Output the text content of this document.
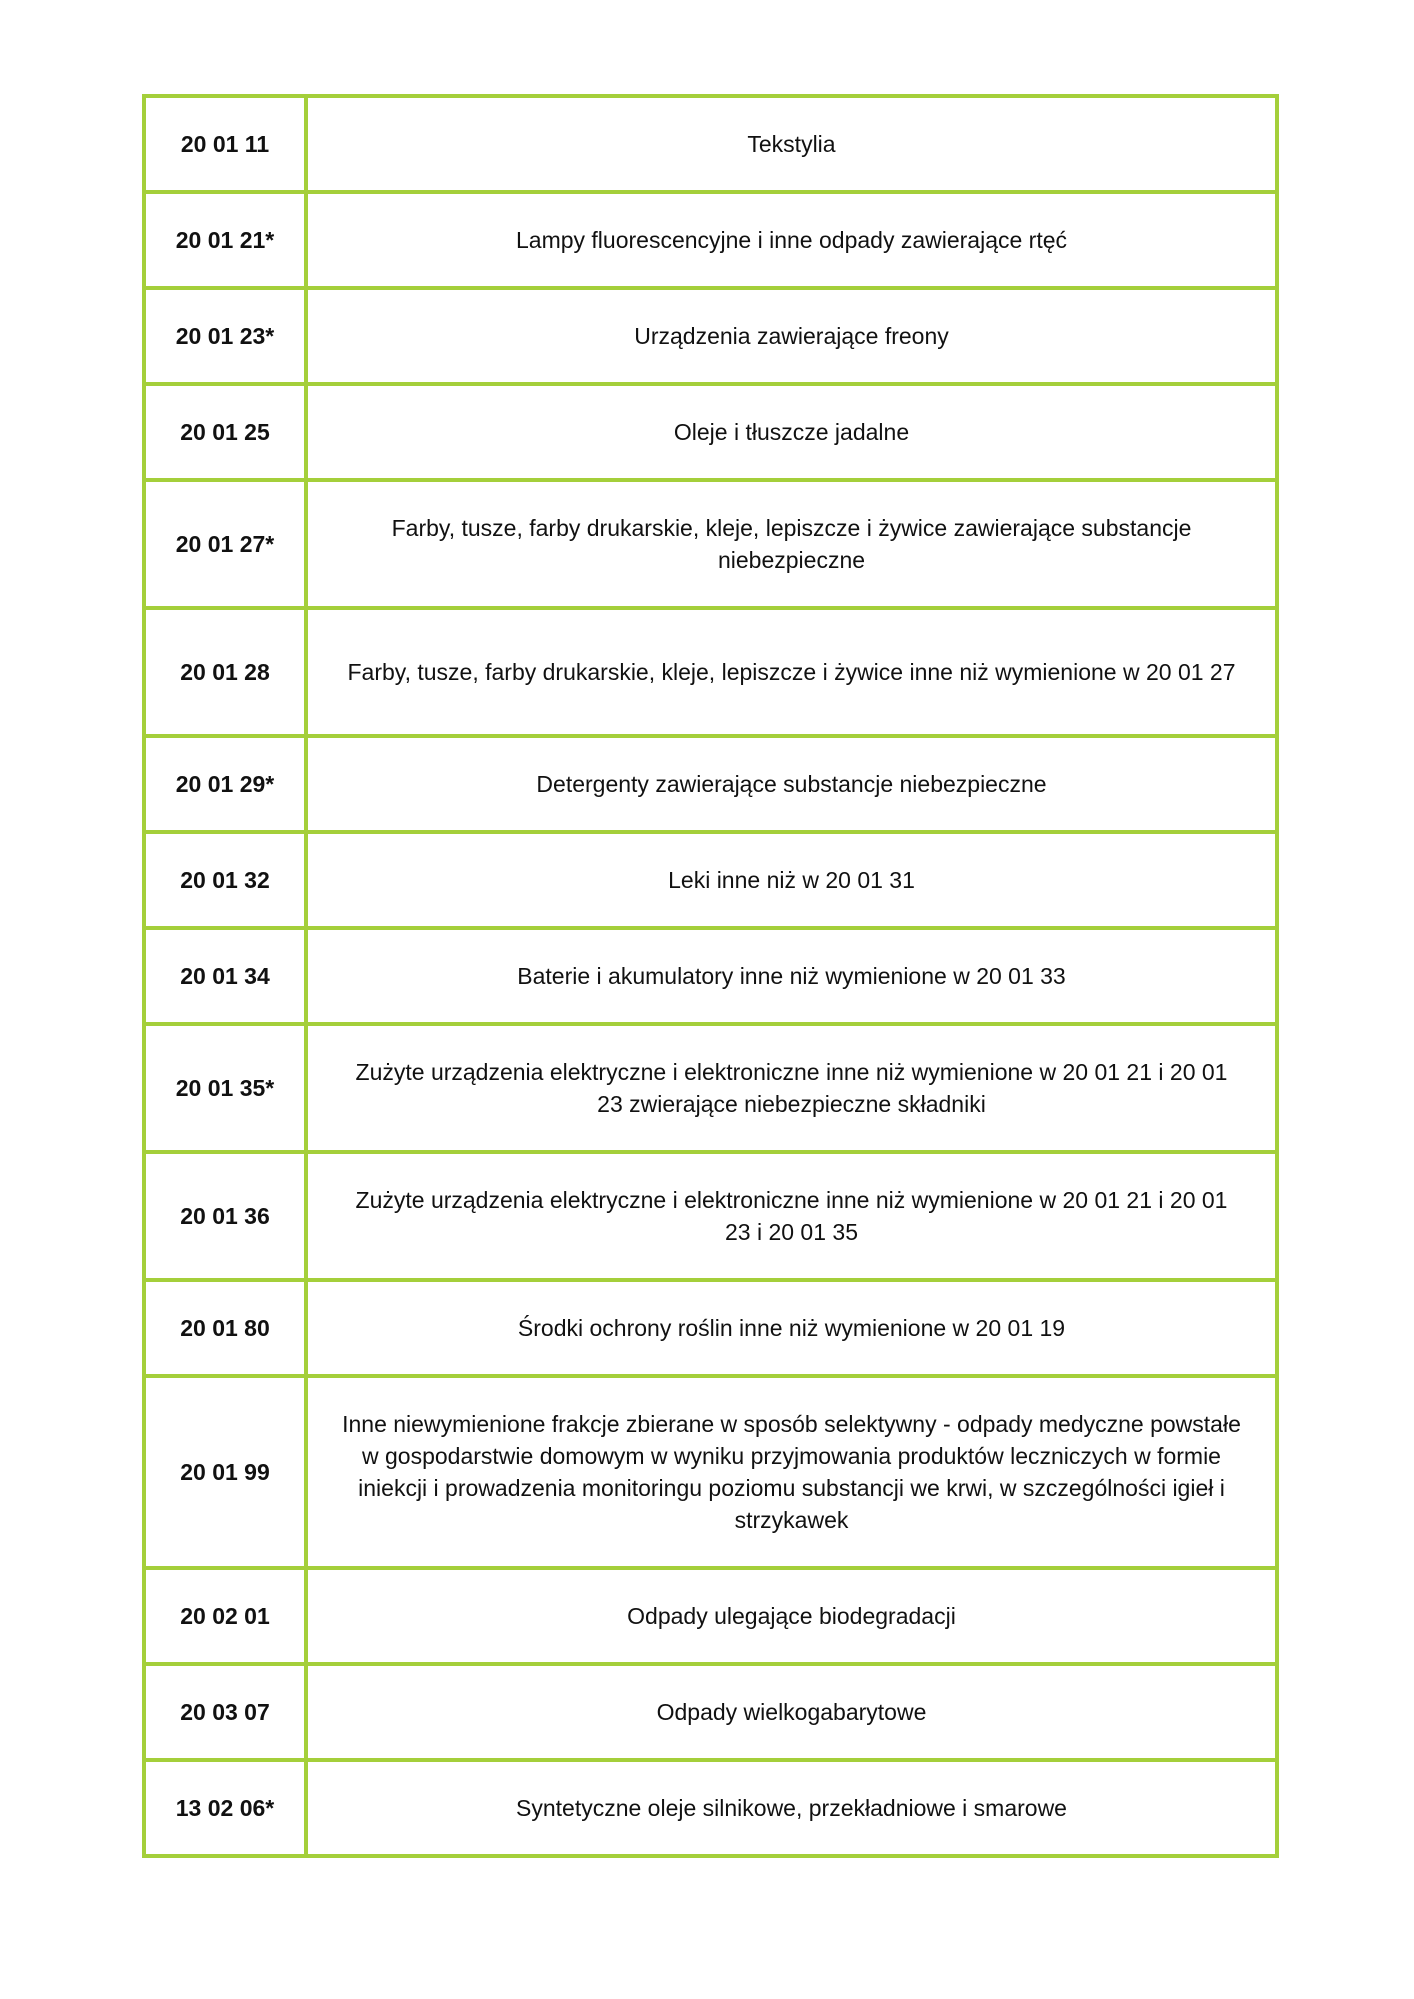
20 01 11	Tekstylia
20 01 21*	Lampy fluorescencyjne i inne odpady zawierające rtęć
20 01 23*	Urządzenia zawierające freony
20 01 25	Oleje i tłuszcze jadalne
20 01 27*	Farby, tusze, farby drukarskie, kleje, lepiszcze i żywice zawierające substancje niebezpieczne
20 01 28	Farby, tusze, farby drukarskie, kleje, lepiszcze i żywice inne niż wymienione w 20 01 27
20 01 29*	Detergenty zawierające substancje niebezpieczne
20 01 32	Leki inne niż w 20 01 31
20 01 34	Baterie i akumulatory inne niż wymienione w 20 01 33
20 01 35*	Zużyte urządzenia elektryczne i elektroniczne inne niż wymienione w 20 01 21 i 20 01 23 zwierające niebezpieczne składniki
20 01 36	Zużyte urządzenia elektryczne i elektroniczne inne niż wymienione w 20 01 21 i 20 01 23 i 20 01 35
20 01 80	Środki ochrony roślin inne niż wymienione w 20 01 19
20 01 99	Inne niewymienione frakcje zbierane w sposób selektywny - odpady medyczne powstałe w gospodarstwie domowym w wyniku przyjmowania produktów leczniczych w formie iniekcji i prowadzenia monitoringu poziomu substancji we krwi, w szczególności igieł i strzykawek
20 02 01	Odpady ulegające biodegradacji
20 03 07	Odpady wielkogabarytowe
13 02 06*	Syntetyczne oleje silnikowe, przekładniowe i smarowe
